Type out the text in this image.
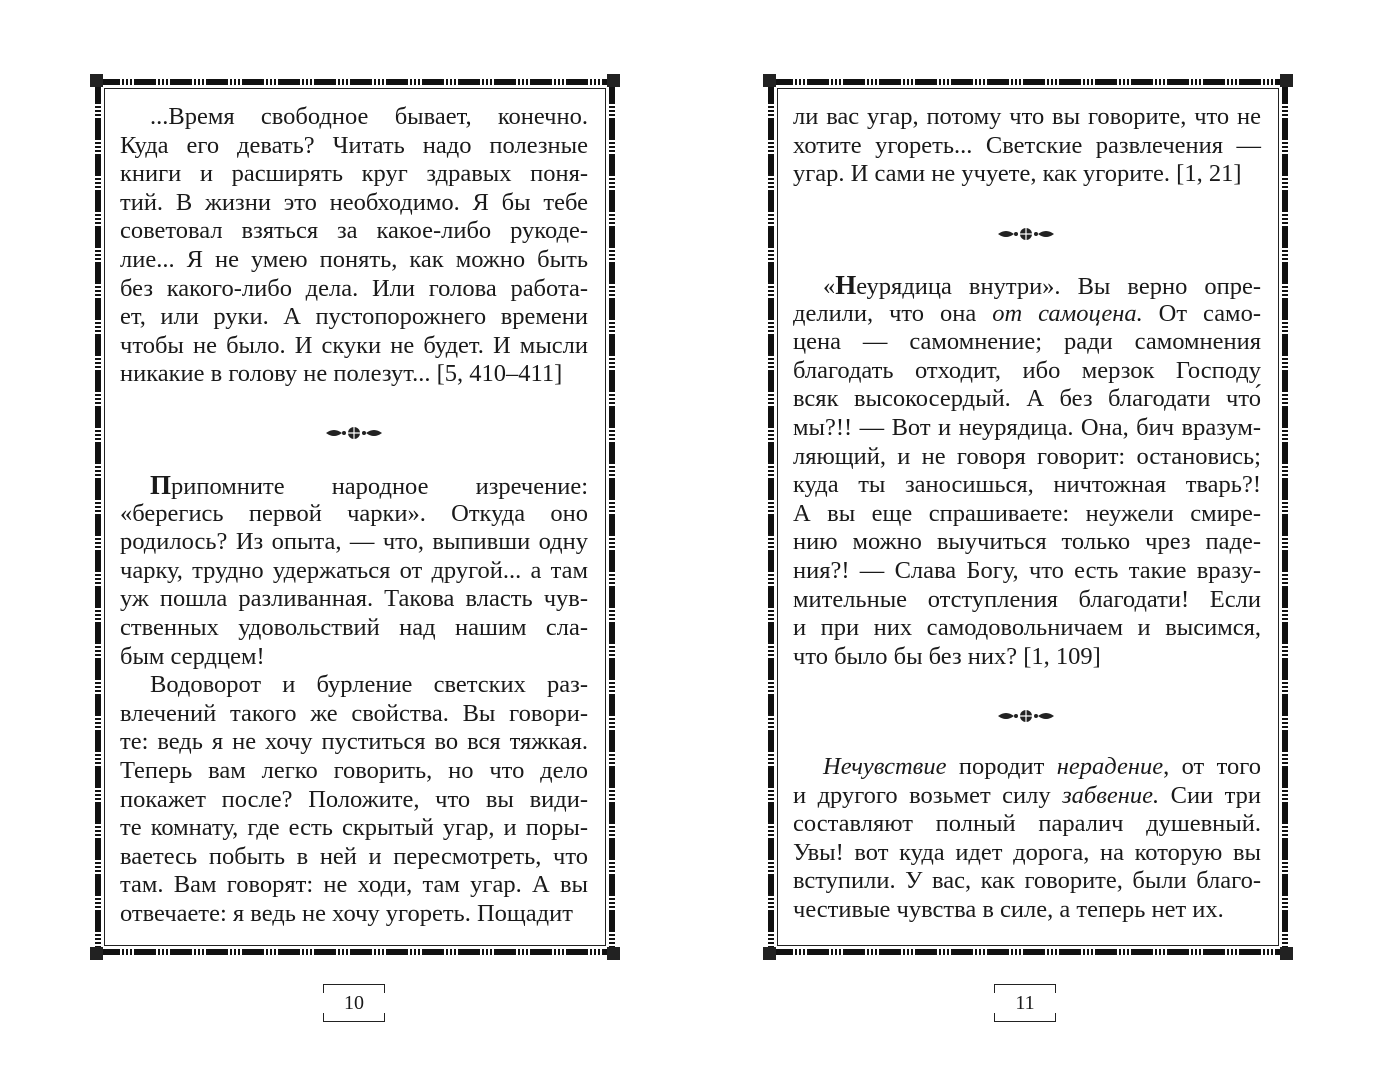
...Время свободное бывает, конечно.
Куда его девать? Читать надо полезные
книги и расширять круг здравых поня-
тий. В жизни это необходимо. Я бы тебе
советовал взяться за какое-либо рукоде-
лие... Я не умею понять, как можно быть
без какого-либо дела. Или голова работа-
ет, или руки. А пустопорожнего времени
чтобы не было. И скуки не будет. И мысли
никакие в голову не полезут... [5, 410–411]
Припомните народное изречение:
«берегись первой чарки». Откуда оно
родилось? Из опыта, — что, выпивши одну
чарку, трудно удержаться от другой... а там
уж пошла разливанная. Такова власть чув-
ственных удовольствий над нашим сла-
бым сердцем!
Водоворот и бурление светских раз-
влечений такого же свойства. Вы говори-
те: ведь я не хочу пуститься во вся тяжкая.
Теперь вам легко говорить, но что дело
покажет после? Положите, что вы види-
те комнату, где есть скрытый угар, и поры-
ваетесь побыть в ней и пересмотреть, что
там. Вам говорят: не ходи, там угар. А вы
отвечаете: я ведь не хочу угореть. Пощадит
10
ли вас угар, потому что вы говорите, что не
хотите угореть... Светские развлечения —
угар. И сами не учуете, как угорите. [1, 21]
«Неурядица внутри». Вы верно опре-
делили, что она от самоцена. От само-
цена — самомнение; ради самомнения
благодать отходит, ибо мерзок Господу
всяк высокосердый. А без благодати что́
мы?!! — Вот и неурядица. Она, бич вразум-
ляющий, и не говоря говорит: остановись;
куда ты заносишься, ничтожная тварь?!
А вы еще спрашиваете: неужели смире-
нию можно выучиться только чрез паде-
ния?! — Слава Богу, что есть такие вразу-
мительные отступления благодати! Если
и при них самодовольничаем и высимся,
что было бы без них? [1, 109]
Нечувствие породит нерадение, от того
и другого возьмет силу забвение. Сии три
составляют полный паралич душевный.
Увы! вот куда идет дорога, на которую вы
вступили. У вас, как говорите, были благо-
честивые чувства в силе, а теперь нет их.
11
